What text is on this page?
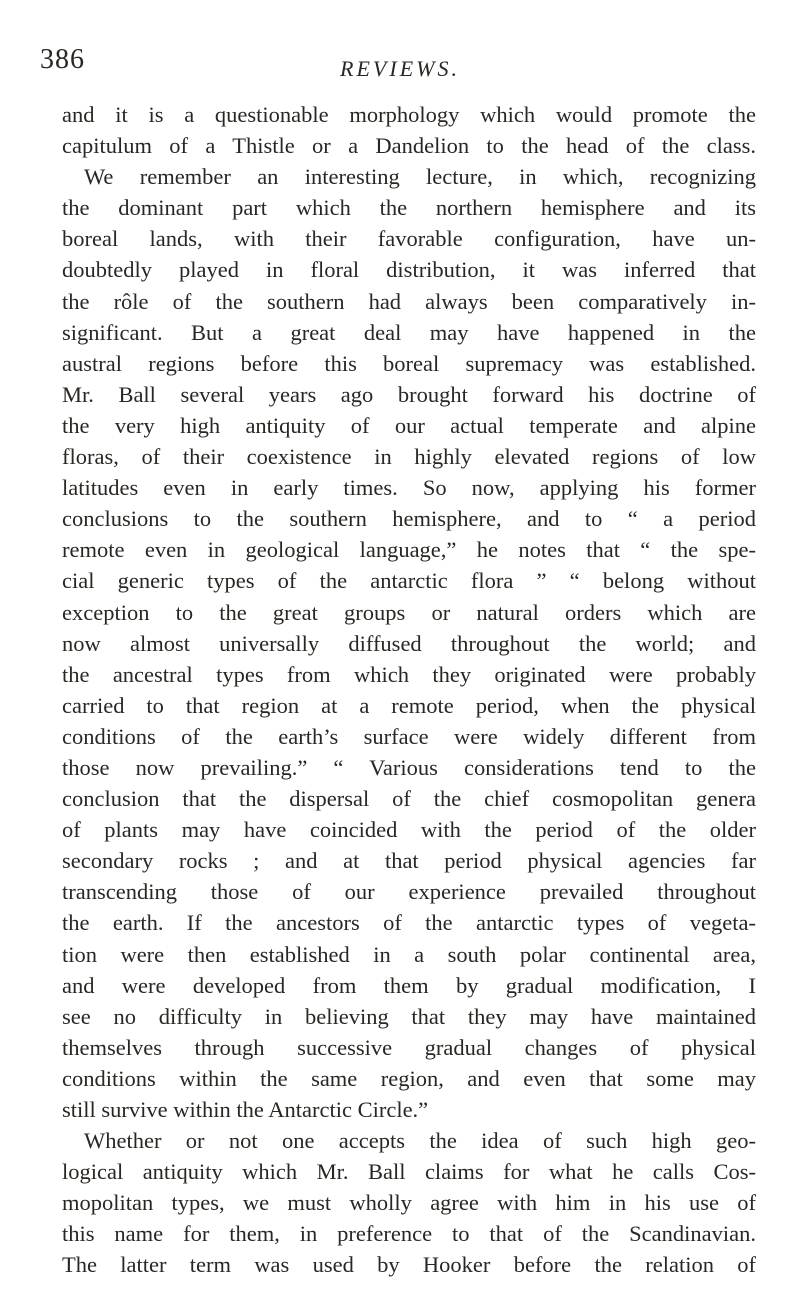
386	REVIEWS.
and it is a questionable morphology which would promote the
capitulum of a Thistle or a Dandelion to the head of the class.
We remember an interesting lecture, in which, recognizing
the dominant part which the northern hemisphere and its
boreal lands, with their favorable configuration, have un-
doubtedly played in floral distribution, it was inferred that
the rôle of the southern had always been comparatively in-
significant. But a great deal may have happened in the
austral regions before this boreal supremacy was established.
Mr. Ball several years ago brought forward his doctrine of
the very high antiquity of our actual temperate and alpine
floras, of their coexistence in highly elevated regions of low
latitudes even in early times. So now, applying his former
conclusions to the southern hemisphere, and to “ a period
remote even in geological language,” he notes that “ the spe-
cial generic types of the antarctic flora ” “ belong without
exception to the great groups or natural orders which are
now almost universally diffused throughout the world; and
the ancestral types from which they originated were probably
carried to that region at a remote period, when the physical
conditions of the earth’s surface were widely different from
those now prevailing.” “ Various considerations tend to the
conclusion that the dispersal of the chief cosmopolitan genera
of plants may have coincided with the period of the older
secondary rocks ; and at that period physical agencies far
transcending those of our experience prevailed throughout
the earth. If the ancestors of the antarctic types of vegeta-
tion were then established in a south polar continental area,
and were developed from them by gradual modification, I
see no difficulty in believing that they may have maintained
themselves through successive gradual changes of physical
conditions within the same region, and even that some may
still survive within the Antarctic Circle.”
Whether or not one accepts the idea of such high geo-
logical antiquity which Mr. Ball claims for what he calls Cos-
mopolitan types, we must wholly agree with him in his use of
this name for them, in preference to that of the Scandinavian.
The latter term was used by Hooker before the relation of
